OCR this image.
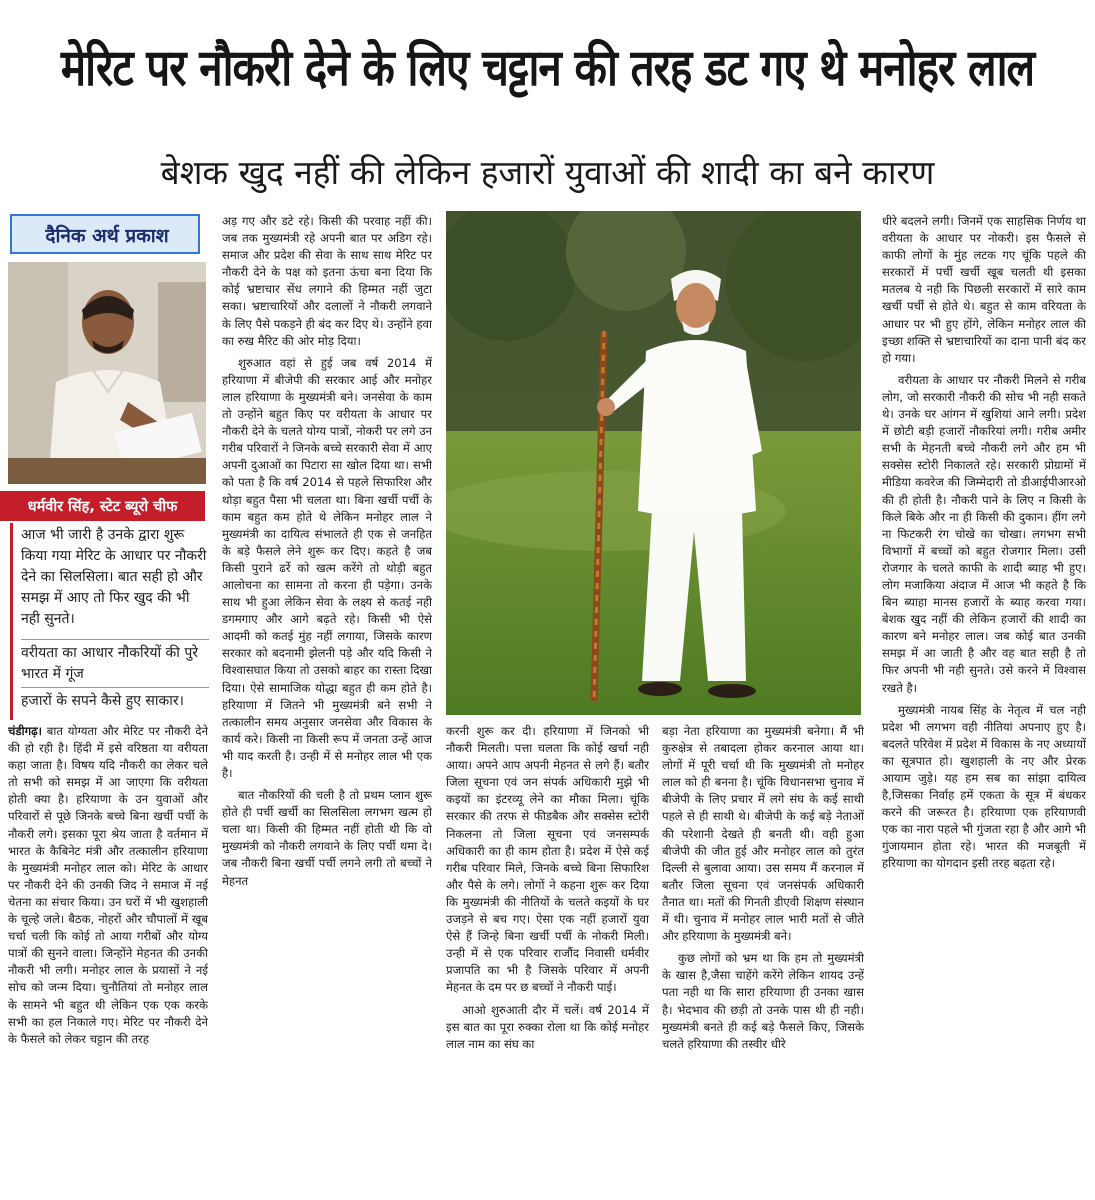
मेरिट पर नौकरी देने के लिए चट्टान की तरह डट गए थे मनोहर लाल
बेशक खुद नहीं की लेकिन हजारों युवाओं की शादी का बने कारण
दैनिक अर्थ प्रकाश
धर्मवीर सिंह, स्टेट ब्यूरो चीफ
आज भी जारी है उनके द्वारा शुरू किया गया मेरिट के आधार पर नौकरी देने का सिलसिला। बात सही हो और समझ में आए तो फिर खुद की भी नही सुनते।
वरीयता का आधार नौकरियों की पुरे भारत में गूंज
हजारों के सपने कैसे हुए साकार।

चंडीगढ़। बात योग्यता और मेरिट पर नौकरी देने की हो रही है। हिंदी में इसे वरिष्ठता या वरीयता कहा जाता है। विषय यदि नौकरी का लेकर चले तो सभी को समझ में आ जाएगा कि वरीयता होती क्या है। हरियाणा के उन युवाओं और परिवारों से पूछे जिनके बच्चे बिना खर्ची पर्ची के नौकरी लगे। इसका पूरा श्रेय जाता है वर्तमान में भारत के कैबिनेट मंत्री और तत्कालीन हरियाणा के मुख्यमंत्री मनोहर लाल को। मेरिट के आधार पर नौकरी देने की उनकी जिद ने समाज में नई चेतना का संचार किया। उन घरों में भी खुशहाली के चूल्हे जले। बैठक, नोहरों और चौपालों में खूब चर्चा चली कि कोई तो आया गरीबों और योग्य पात्रों की सुनने वाला। जिन्होंने मेहनत की उनकी नौकरी भी लगी। मनोहर लाल के प्रयासों ने नई सोच को जन्म दिया। चुनौतियां तो मनोहर लाल के सामने भी बहुत थी लेकिन एक एक करके सभी का हल निकाले गए। मेरिट पर नौकरी देने के फैसले को लेकर चट्टान की तरह

अड़ गए और डटे रहे। किसी की परवाह नहीं की। जब तक मुख्यमंत्री रहे अपनी बात पर अडिग रहे। समाज और प्रदेश की सेवा के साथ साथ मेरिट पर नौकरी देने के पक्ष को इतना ऊंचा बना दिया कि कोई भ्रष्टाचार सेंध लगाने की हिम्मत नहीं जुटा सका। भ्रष्टाचारियों और दलालों ने नौकरी लगवाने के लिए पैसे पकड़ने ही बंद कर दिए थे। उन्होंने हवा का रुख मैरिट की ओर मोड़ दिया।

शुरुआत वहां से हुई जब वर्ष 2014 में हरियाणा में बीजेपी की सरकार आई और मनोहर लाल हरियाणा के मुख्यमंत्री बने। जनसेवा के काम तो उन्होंने बहुत किए पर वरीयता के आधार पर नौकरी देने के चलते योग्य पात्रों, नोकरी पर लगे उन गरीब परिवारों ने जिनके बच्चे सरकारी सेवा में आए अपनी दुआओं का पिटारा सा खोल दिया था। सभी को पता है कि वर्ष 2014 से पहले सिफारिश और थोड़ा बहुत पैसा भी चलता था। बिना खर्ची पर्ची के काम बहुत कम होते थे लेकिन मनोहर लाल ने मुख्यमंत्री का दायित्व संभालते ही एक से जनहित के बड़े फैसले लेने शुरू कर दिए। कहते है जब किसी पुराने ढर्रे को खत्म करेंगे तो थोड़ी बहुत आलोचना का सामना तो करना ही पड़ेगा। उनके साथ भी हुआ लेकिन सेवा के लक्ष्य से कतई नही डगमगाए और आगे बढ़ते रहे। किसी भी ऐसे आदमी को कतई मुंह नहीं लगाया, जिसके कारण सरकार को बदनामी झेलनी पड़े और यदि किसी ने विश्वासघात किया तो उसको बाहर का रास्ता दिखा दिया। ऐसे सामाजिक योद्धा बहुत ही कम होते है। हरियाणा में जितने भी मुख्यमंत्री बने सभी ने तत्कालीन समय अनुसार जनसेवा और विकास के कार्य करे। किसी ना किसी रूप में जनता उन्हें आज भी याद करती है। उन्ही में से मनोहर लाल भी एक है।

बात नौकरियों की चली है तो प्रथम प्लान शुरू होते ही पर्ची खर्ची का सिलसिला लगभग खत्म हो चला था। किसी की हिम्मत नहीं होती थी कि वो मुख्यमंत्री को नौकरी लगवाने के लिए पर्ची थमा दे। जब नौकरी बिना खर्ची पर्ची लगने लगी तो बच्चों ने मेहनत

करनी शुरू कर दी। हरियाणा में जिनको भी नौकरी मिलती। पत्ता चलता कि कोई खर्चा नही आया। अपने आप अपनी मेहनत से लगे हैं। बतौर जिला सूचना एवं जन संपर्क अधिकारी मुझे भी कइयों का इंटरव्यू लेने का मौका मिला। चूंकि सरकार की तरफ से फीडबैक और सक्सेस स्टोरी निकलना तो जिला सूचना एवं जनसम्पर्क अधिकारी का ही काम होता है। प्रदेश में ऐसे कई गरीब परिवार मिले, जिनके बच्चे बिना सिफारिश और पैसे के लगे। लोगों ने कहना शुरू कर दिया कि मुख्यमंत्री की नीतियों के चलते कइयों के घर उजड़ने से बच गए। ऐसा एक नहीं हजारों युवा ऐसे हैं जिन्हे बिना खर्ची पर्ची के नोकरी मिली। उन्ही में से एक परिवार राजौंद निवासी धर्मवीर प्रजापति का भी है जिसके परिवार में अपनी मेहनत के दम पर छ बच्चों ने नौकरी पाई।

आओ शुरुआती दौर में चलें। वर्ष 2014 में इस बात का पूरा रुक्का रोला था कि कोई मनोहर लाल नाम का संघ का

बड़ा नेता हरियाणा का मुख्यमंत्री बनेगा। मैं भी कुरुक्षेत्र से तबादला होकर करनाल आया था। लोगों में पूरी चर्चा थी कि मुख्यमंत्री तो मनोहर लाल को ही बनना है। चूंकि विधानसभा चुनाव में बीजेपी के लिए प्रचार में लगे संघ के कई साथी पहले से ही साथी थे। बीजेपी के कई बड़े नेताओं की परेशानी देखते ही बनती थी। वही हुआ बीजेपी की जीत हुई और मनोहर लाल को तुरंत दिल्ली से बुलावा आया। उस समय मैं करनाल में बतौर जिला सूचना एवं जनसंपर्क अधिकारी तैनात था। मतों की गिनती डीएवी शिक्षण संस्थान में थी। चुनाव में मनोहर लाल भारी मतों से जीते और हरियाणा के मुख्यमंत्री बने।

कुछ लोगों को भ्रम था कि हम तो मुख्यमंत्री के खास है,जैसा चाहेंगे करेंगे लेकिन शायद उन्हें पता नही था कि सारा हरियाणा ही उनका खास है। भेदभाव की छड़ी तो उनके पास थी ही नही। मुख्यमंत्री बनते ही कई बड़े फैसले किए, जिसके चलते हरियाणा की तस्वीर धीरे

धीरे बदलने लगी। जिनमें एक साहसिक निर्णय था वरीयता के आधार पर नोकरी। इस फैसले से काफी लोगों के मुंह लटक गए चूंकि पहले की सरकारों में पर्ची खर्ची खूब चलती थी इसका मतलब ये नही कि पिछली सरकारों में सारे काम खर्ची पर्ची से होते थे। बहुत से काम वरियता के आधार पर भी हुए होंगे, लेकिन मनोहर लाल की इच्छा शक्ति से भ्रष्टाचारियों का दाना पानी बंद कर हो गया।

वरीयता के आधार पर नौकरी मिलने से गरीब लोग, जो सरकारी नौकरी की सोच भी नही सकते थे। उनके घर आंगन में खुशियां आने लगी। प्रदेश में छोटी बड़ी हजारों नौकरियां लगी। गरीब अमीर सभी के मेहनती बच्चे नौकरी लगे और हम भी सक्सेस स्टोरी निकालते रहे। सरकारी प्रोग्रामों में मीडिया कवरेज की जिम्मेदारी तो डीआईपीआरओ की ही होती है। नौकरी पाने के लिए न किसी के किले बिके और ना ही किसी की दुकान। हींग लगे ना फिटकरी रंग चोखे का चोखा। लगभग सभी विभागों में बच्चों को बहुत रोजगार मिला। उसी रोजगार के चलते काफी के शादी ब्याह भी हुए। लोग मजाकिया अंदाज में आज भी कहते है कि बिन ब्याहा मानस हजारों के ब्याह करवा गया। बेशक खुद नहीं की लेकिन हजारों की शादी का कारण बने मनोहर लाल। जब कोई बात उनकी समझ में आ जाती है और वह बात सही है तो फिर अपनी भी नही सुनते। उसे करने में विश्वास रखते है।

मुख्यमंत्री नायब सिंह के नेतृत्व में चल नही प्रदेश भी लगभग वही नीतियां अपनाए हुए है। बदलते परिवेश में प्रदेश में विकास के नए अध्यायों का सूत्रपात हो। खुशहाली के नए और प्रेरक आयाम जुड़े। यह हम सब का सांझा दायित्व है,जिसका निर्वाह हमें एकता के सूत्र में बंधकर करने की जरूरत है। हरियाणा एक हरियाणवी एक का नारा पहले भी गुंजता रहा है और आगे भी गुंजायमान होता रहे। भारत की मजबूती में हरियाणा का योगदान इसी तरह बढ़ता रहे।
